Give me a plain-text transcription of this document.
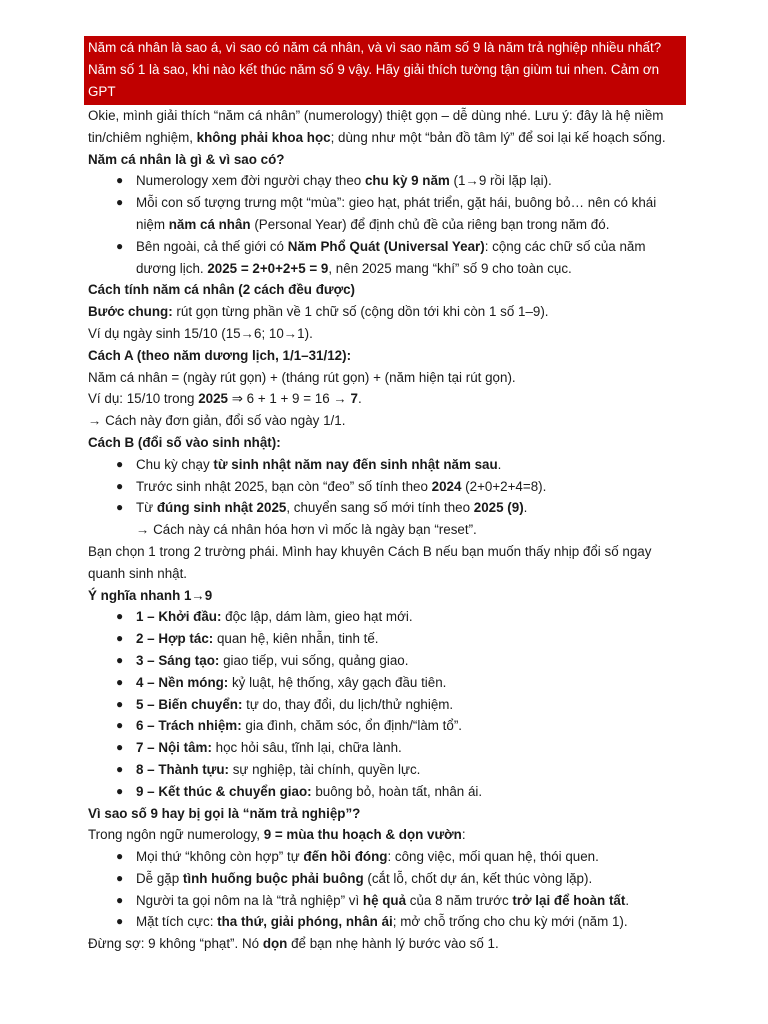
Năm cá nhân là sao á, vì sao có năm cá nhân, và vì sao năm số 9 là năm trả nghiệp nhiều nhất? Năm số 1 là sao, khi nào kết thúc năm số 9 vậy. Hãy giải thích tường tận giùm tui nhen. Cảm ơn GPT

Okie, mình giải thích “năm cá nhân” (numerology) thiệt gọn – dễ dùng nhé. Lưu ý: đây là hệ niềm tin/chiêm nghiệm, không phải khoa học; dùng như một “bản đồ tâm lý” để soi lại kế hoạch sống.

Năm cá nhân là gì & vì sao có?

● Numerology xem đời người chạy theo chu kỳ 9 năm (1→9 rồi lặp lại).
● Mỗi con số tượng trưng một “mùa”: gieo hạt, phát triển, gặt hái, buông bỏ… nên có khái niệm năm cá nhân (Personal Year) để định chủ đề của riêng bạn trong năm đó.
● Bên ngoài, cả thế giới có Năm Phổ Quát (Universal Year): cộng các chữ số của năm dương lịch. 2025 = 2+0+2+5 = 9, nên 2025 mang “khí” số 9 cho toàn cục.

Cách tính năm cá nhân (2 cách đều được)

Bước chung: rút gọn từng phần về 1 chữ số (cộng dồn tới khi còn 1 số 1–9).

Ví dụ ngày sinh 15/10 (15→6; 10→1).

Cách A (theo năm dương lịch, 1/1–31/12):

Năm cá nhân = (ngày rút gọn) + (tháng rút gọn) + (năm hiện tại rút gọn).

Ví dụ: 15/10 trong 2025 ⇒ 6 + 1 + 9 = 16 → 7.

→ Cách này đơn giản, đổi số vào ngày 1/1.

Cách B (đổi số vào sinh nhật):

● Chu kỳ chạy từ sinh nhật năm nay đến sinh nhật năm sau.
● Trước sinh nhật 2025, bạn còn “đeo” số tính theo 2024 (2+0+2+4=8).
● Từ đúng sinh nhật 2025, chuyển sang số mới tính theo 2025 (9).
→ Cách này cá nhân hóa hơn vì mốc là ngày bạn “reset”.

Bạn chọn 1 trong 2 trường phái. Mình hay khuyên Cách B nếu bạn muốn thấy nhịp đổi số ngay quanh sinh nhật.

Ý nghĩa nhanh 1→9

● 1 – Khởi đầu: độc lập, dám làm, gieo hạt mới.
● 2 – Hợp tác: quan hệ, kiên nhẫn, tinh tế.
● 3 – Sáng tạo: giao tiếp, vui sống, quảng giao.
● 4 – Nền móng: kỷ luật, hệ thống, xây gạch đầu tiên.
● 5 – Biến chuyển: tự do, thay đổi, du lịch/thử nghiệm.
● 6 – Trách nhiệm: gia đình, chăm sóc, ổn định/“làm tổ”.
● 7 – Nội tâm: học hỏi sâu, tĩnh lại, chữa lành.
● 8 – Thành tựu: sự nghiệp, tài chính, quyền lực.
● 9 – Kết thúc & chuyển giao: buông bỏ, hoàn tất, nhân ái.

Vì sao số 9 hay bị gọi là “năm trả nghiệp”?

Trong ngôn ngữ numerology, 9 = mùa thu hoạch & dọn vườn:

● Mọi thứ “không còn hợp” tự đến hồi đóng: công việc, mối quan hệ, thói quen.
● Dễ gặp tình huống buộc phải buông (cắt lỗ, chốt dự án, kết thúc vòng lặp).
● Người ta gọi nôm na là “trả nghiệp” vì hệ quả của 8 năm trước trở lại để hoàn tất.
● Mặt tích cực: tha thứ, giải phóng, nhân ái; mở chỗ trống cho chu kỳ mới (năm 1).

Đừng sợ: 9 không “phạt”. Nó dọn để bạn nhẹ hành lý bước vào số 1.
